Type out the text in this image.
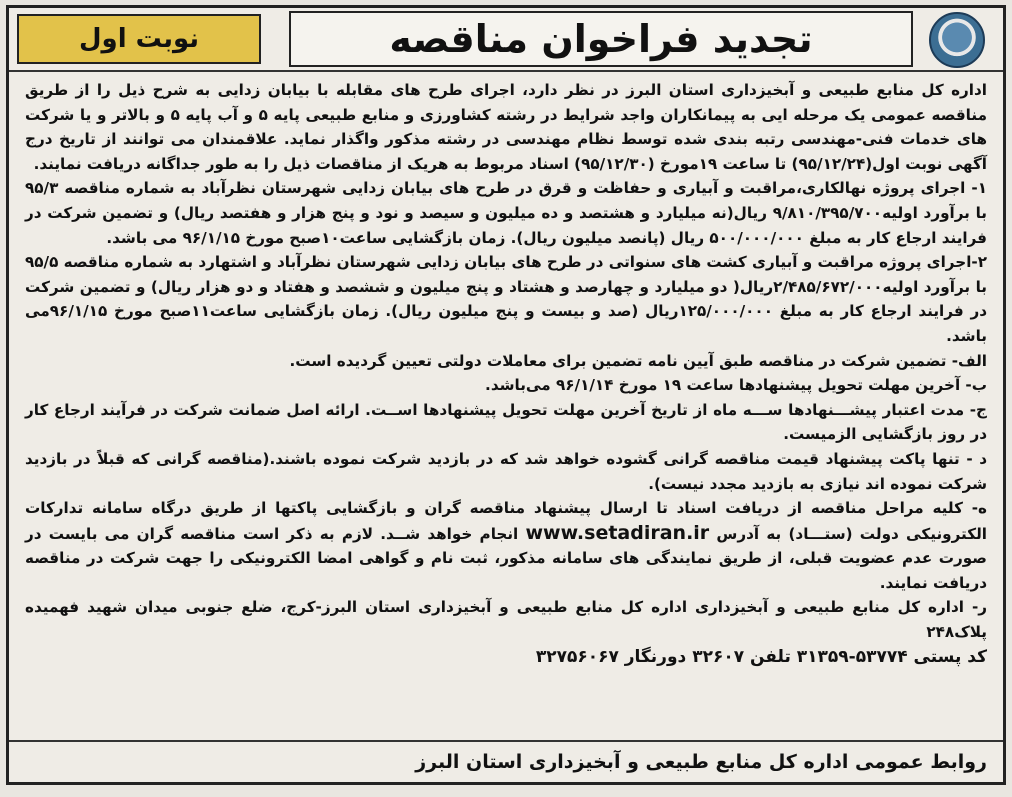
تجدید فراخوان مناقصه
نوبت اول

اداره کل منابع طبیعی و آبخیزداری استان البرز در نظر دارد، اجرای طرح های مقابله با بیابان زدایی به شرح ذیل را از طریق مناقصه عمومی یک مرحله ایی به پیمانکاران واجد شرایط در رشته کشاورزی و منابع طبیعی پایه ۵ و آب پایه ۵ و بالاتر و یا شرکت های خدمات فنی-مهندسی رتبه بندی شده توسط نظام مهندسی در رشته مذکور واگذار نماید. علاقمندان می توانند از تاریخ درج آگهی نوبت اول(۹۵/۱۲/۲۴) تا ساعت ۱۹مورخ (۹۵/۱۲/۳۰) اسناد مربوط به هریک از مناقصات ذیل را به طور جداگانه دریافت نمایند.

۱- اجرای پروژه نهالکاری،مراقبت و آبیاری و حفاظت و قرق در طرح های بیابان زدایی شهرستان نظرآباد به شماره مناقصه ۹۵/۳ با برآورد اولیه۹/۸۱۰/۳۹۵/۷۰۰ ریال(نه میلیارد و هشتصد و ده میلیون و سیصد و نود و پنج هزار و هفتصد ریال) و تضمین شرکت در فرایند ارجاع کار به مبلغ ۵۰۰/۰۰۰/۰۰۰ ریال (پانصد میلیون ریال). زمان بازگشایی ساعت۱۰صبح مورخ ۹۶/۱/۱۵ می باشد.

۲-اجرای پروژه مراقبت و آبیاری کشت های سنواتی در طرح های بیابان زدایی شهرستان نظرآباد و اشتهارد به شماره مناقصه ۹۵/۵ با برآورد اولیه۲/۴۸۵/۶۷۲/۰۰۰ریال( دو میلیارد و چهارصد و هشتاد و پنج میلیون و ششصد و هفتاد و دو هزار ریال) و تضمین شرکت در فرایند ارجاع کار به مبلغ ۱۲۵/۰۰۰/۰۰۰ریال (صد و بیست و پنج میلیون ریال). زمان بازگشایی ساعت۱۱صبح مورخ ۹۶/۱/۱۵می باشد.

الف- تضمین شرکت در مناقصه طبق آیین نامه تضمین برای معاملات دولتی تعیین گردیده است.

ب- آخرین مهلت تحویل پیشنهادها ساعت ۱۹ مورخ ۹۶/۱/۱۴ می‌باشد.

ج- مدت اعتبار پیشـــنهادها ســـه ماه از تاریخ آخرین مهلت تحویل پیشنهادها اســت. ارائه اصل ضمانت شرکت در فرآیند ارجاع کار در روز بازگشایی الزمیست.

د - تنها پاکت پیشنهاد قیمت مناقصه گرانی گشوده خواهد شد که در بازدید شرکت نموده باشند.(مناقصه گرانی که قبلاً در بازدید شرکت نموده اند نیازی به بازدید مجدد نیست).

ه- کلیه مراحل مناقصه از دریافت اسناد تا ارسال پیشنهاد مناقصه گران و بازگشایی پاکتها از طریق درگاه سامانه تدارکات الکترونیکی دولت (ستـــاد) به آدرس www.setadiran.ir انجام خواهد شــد. لازم به ذکر است مناقصه گران می بایست در صورت عدم عضویت قبلی، از طریق نمایندگی های سامانه مذکور، ثبت نام و گواهی امضا الکترونیکی را جهت شرکت در مناقصه دریافت نمایند.

ر- اداره کل منابع طبیعی و آبخیزداری اداره کل منابع طبیعی و آبخیزداری استان البرز-کرج، ضلع جنوبی میدان شهید فهمیده پلاک۲۴۸

کد پستی ۵۳۷۷۴-۳۱۳۵۹ تلفن ۳۲۶۰۷ دورنگار ۳۲۷۵۶۰۶۷

روابط عمومی اداره کل منابع طبیعی و آبخیزداری استان البرز
